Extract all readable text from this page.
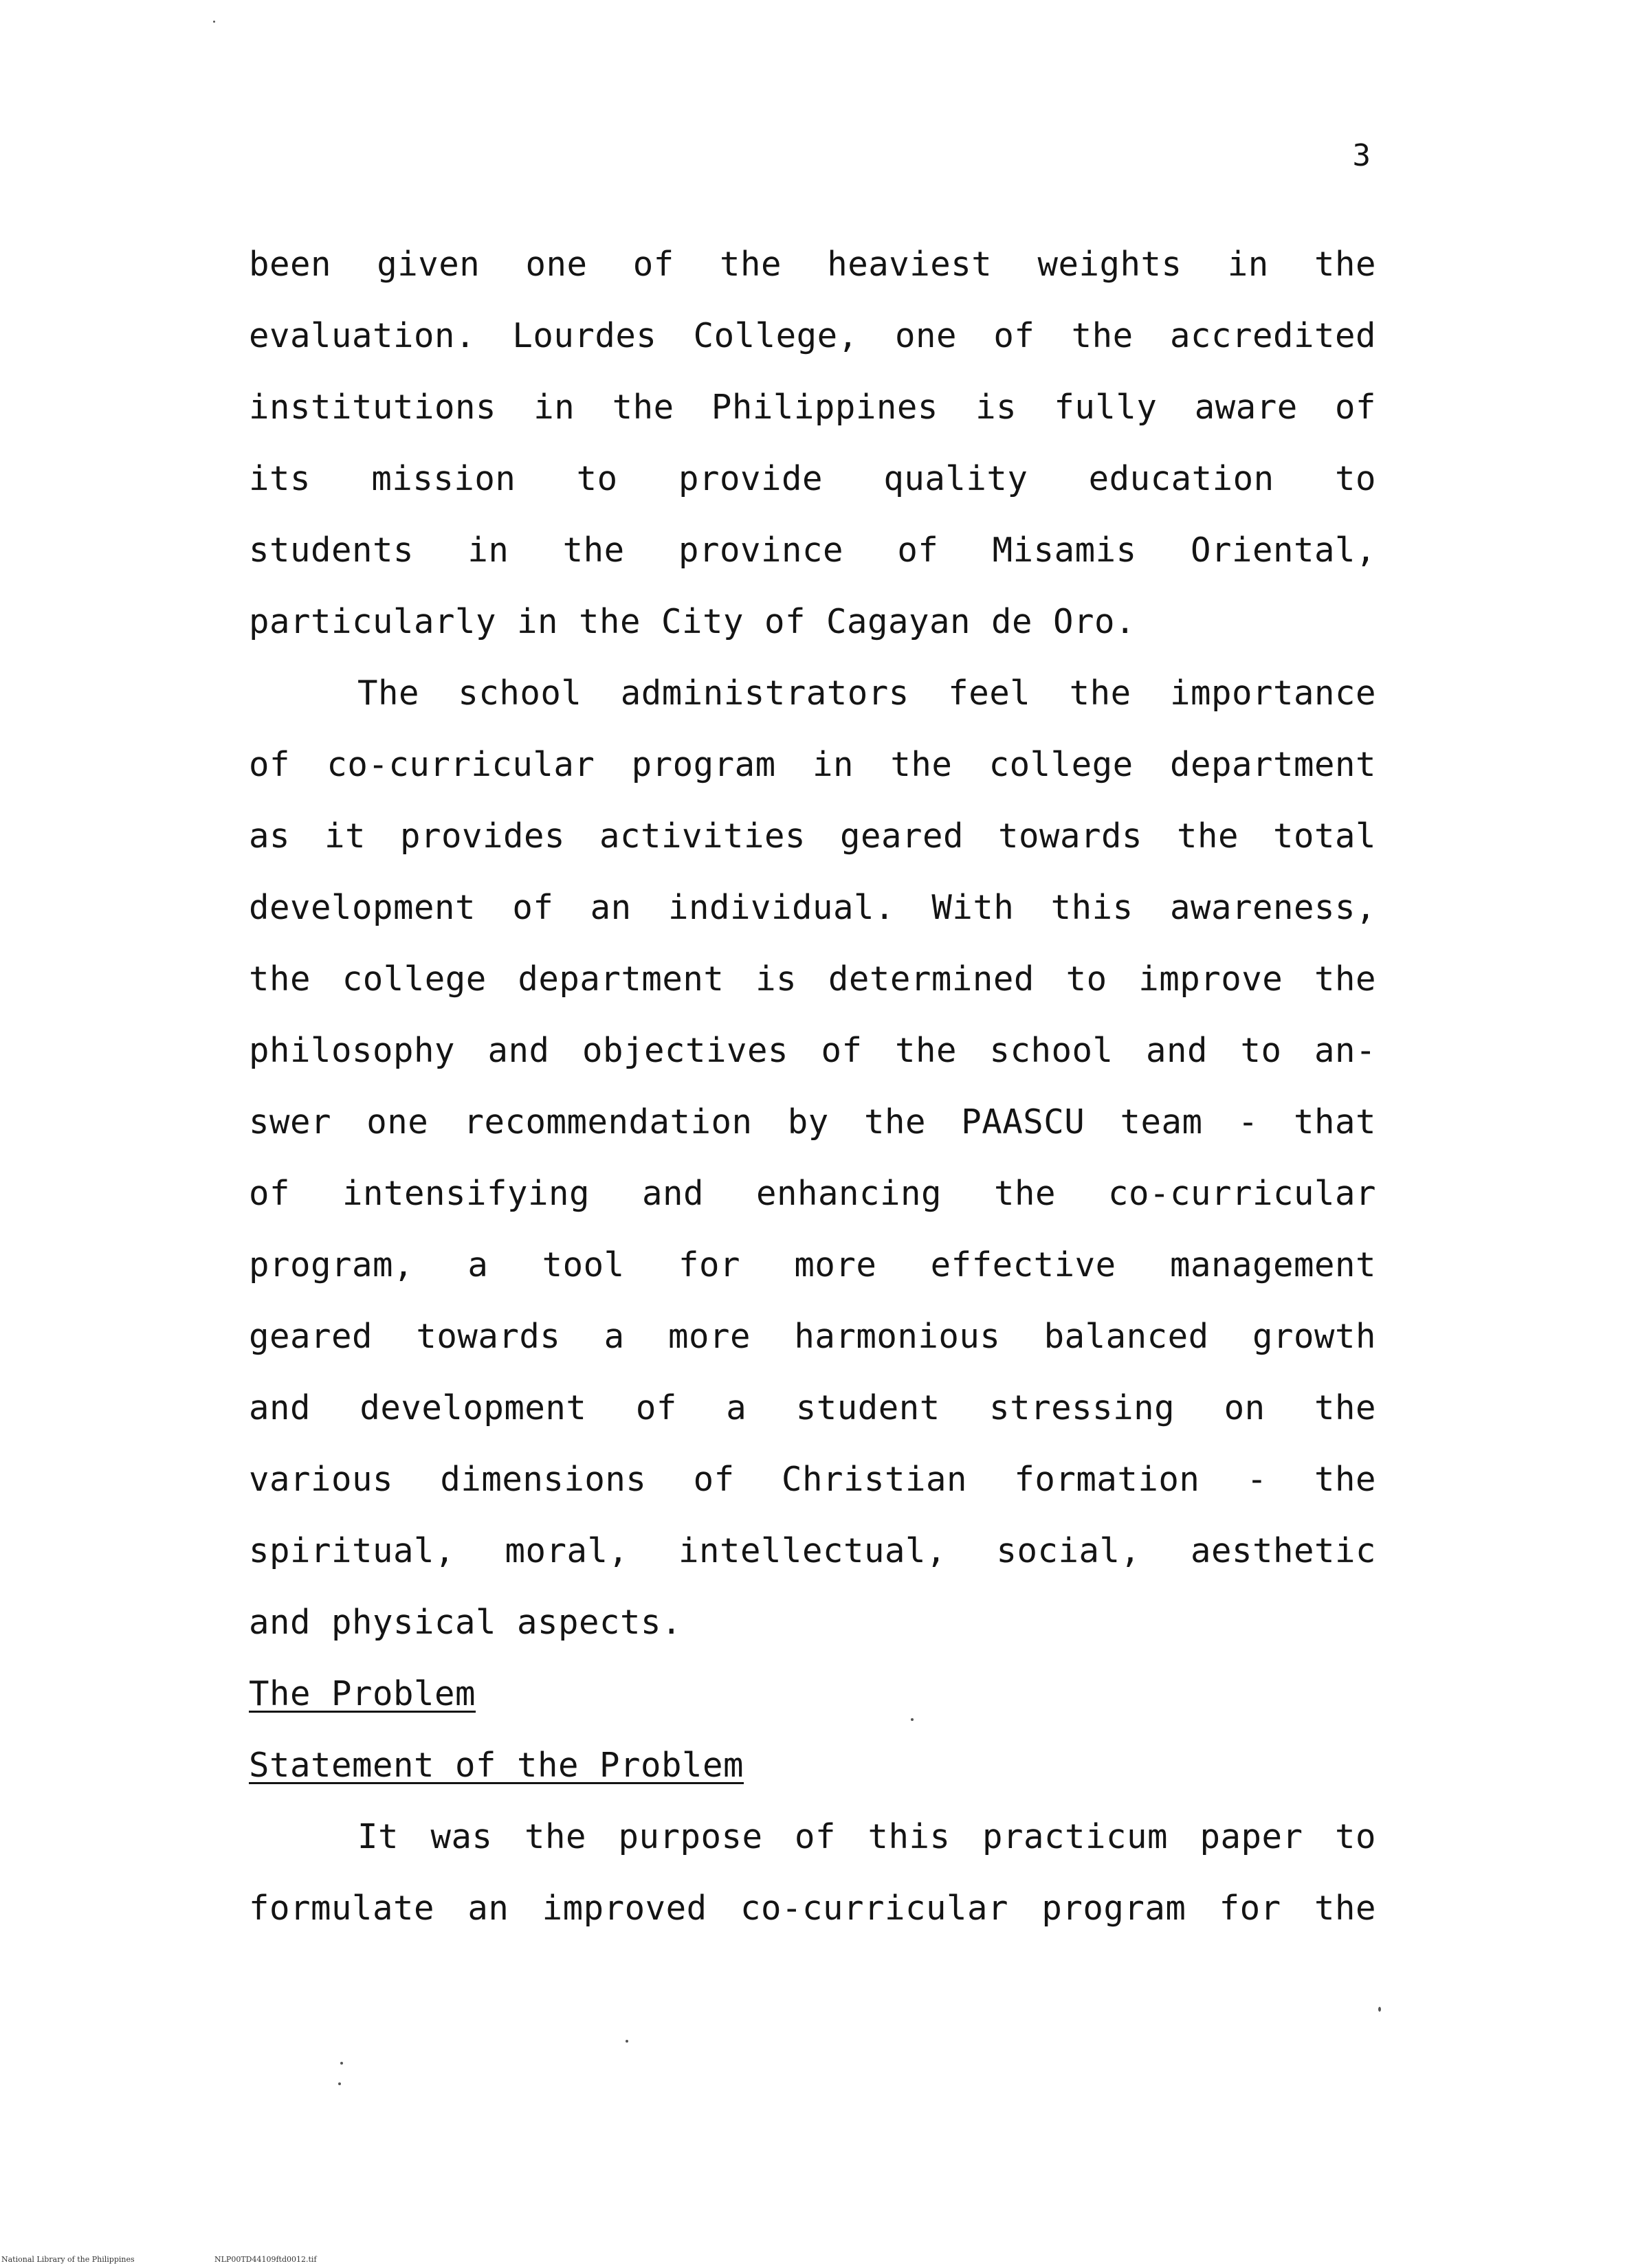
3
been given one of the heaviest weights in the
evaluation. Lourdes College, one of the accredited
institutions in the Philippines is fully aware of
its mission to provide quality education to
students in the province of Misamis Oriental,
particularly in the City of Cagayan de Oro.
The school administrators feel the importance
of co-curricular program in the college department
as it provides activities geared towards the total
development of an individual. With this awareness,
the college department is determined to improve the
philosophy and objectives of the school and to an-
swer one recommendation by the PAASCU team - that
of intensifying and enhancing the co-curricular
program, a tool for more effective management
geared towards a more harmonious balanced growth
and development of a student stressing on the
various dimensions of Christian formation - the
spiritual, moral, intellectual, social, aesthetic
and physical aspects.
The Problem
Statement of the Problem
It was the purpose of this practicum paper to
formulate an improved co-curricular program for the
National Library of the Philippines	NLP00TD44109ftd0012.tif
